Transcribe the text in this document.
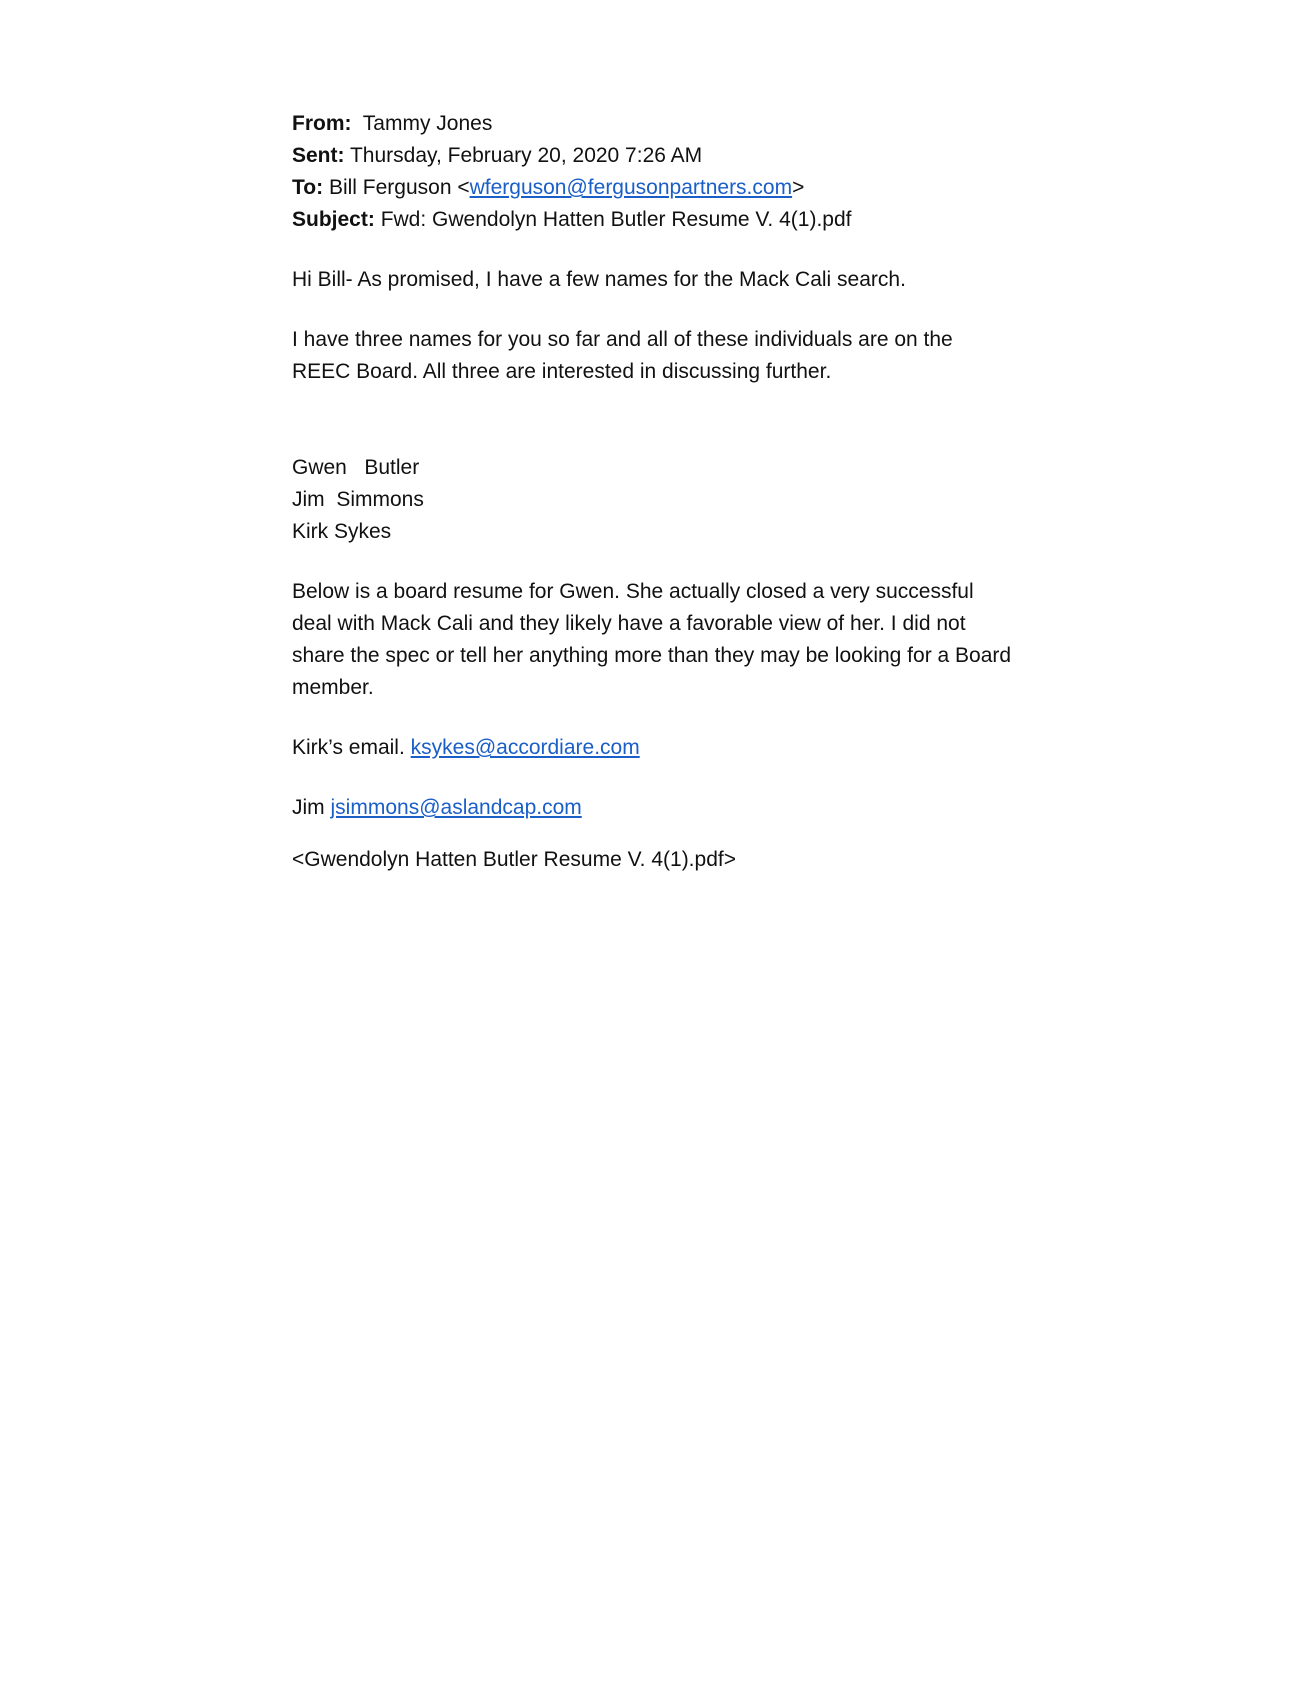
From: Tammy Jones
Sent: Thursday, February 20, 2020 7:26 AM
To: Bill Ferguson <wferguson@fergusonpartners.com>
Subject: Fwd: Gwendolyn Hatten Butler Resume V. 4(1).pdf

Hi Bill- As promised, I have a few names for the Mack Cali search.

I have three names for you so far and all of these individuals are on the REEC Board. All three are interested in discussing further.

Gwen   Butler
Jim  Simmons
Kirk Sykes

Below is a board resume for Gwen. She actually closed a very successful deal with Mack Cali and they likely have a favorable view of her. I did not share the spec or tell her anything more than they may be looking for a Board member.

Kirk’s email. ksykes@accordiare.com
Jim jsimmons@aslandcap.com
<Gwendolyn Hatten Butler Resume V. 4(1).pdf>
